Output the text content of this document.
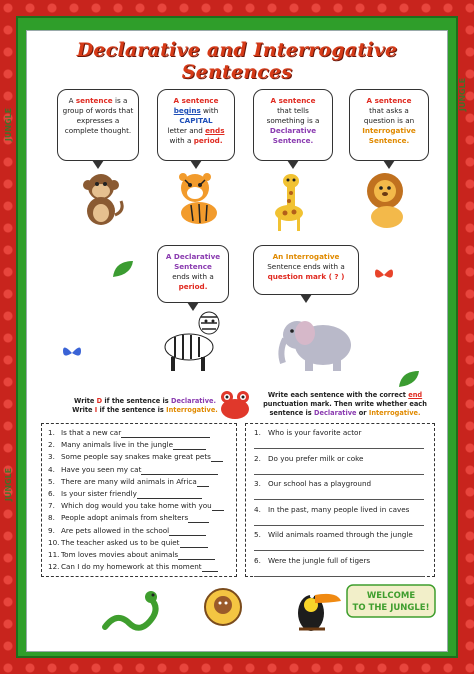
JUNGLE
JUNGLE
JUNGLE
Declarative and Interrogative Sentences
A sentence is a group of words that expresses a complete thought.
A sentence
begins with
CAPITAL
letter and ends
with a period.
A sentence
that tells
something is a
Declarative
Sentence.
A sentence
that asks a
question is an
Interrogative
Sentence.
A Declarative
Sentence
ends with a
period.
An Interrogative
Sentence ends with a
question mark ( ? )
Write D if the sentence is Declarative.
Write I if the sentence is Interrogative.
Write each sentence with the correct end
punctuation mark. Then write whether each
sentence is Declarative or Interrogative.
1. Is that a new car
2. Many animals live in the jungle
3. Some people say snakes make great pets
4. Have you seen my cat
5. There are many wild animals in Africa
6. Is your sister friendly
7. Which dog would you take home with you
8. People adopt animals from shelters
9. Are pets allowed in the school
10. The teacher asked us to be quiet
11. Tom loves movies about animals
12. Can I do my homework at this moment
1. Who is your favorite actor
2. Do you prefer milk or coke
3. Our school has a playground
4. In the past, many people lived in caves
5. Wild animals roamed through the jungle
6. Were the jungle full of tigers
WELCOME
TO THE JUNGLE!
